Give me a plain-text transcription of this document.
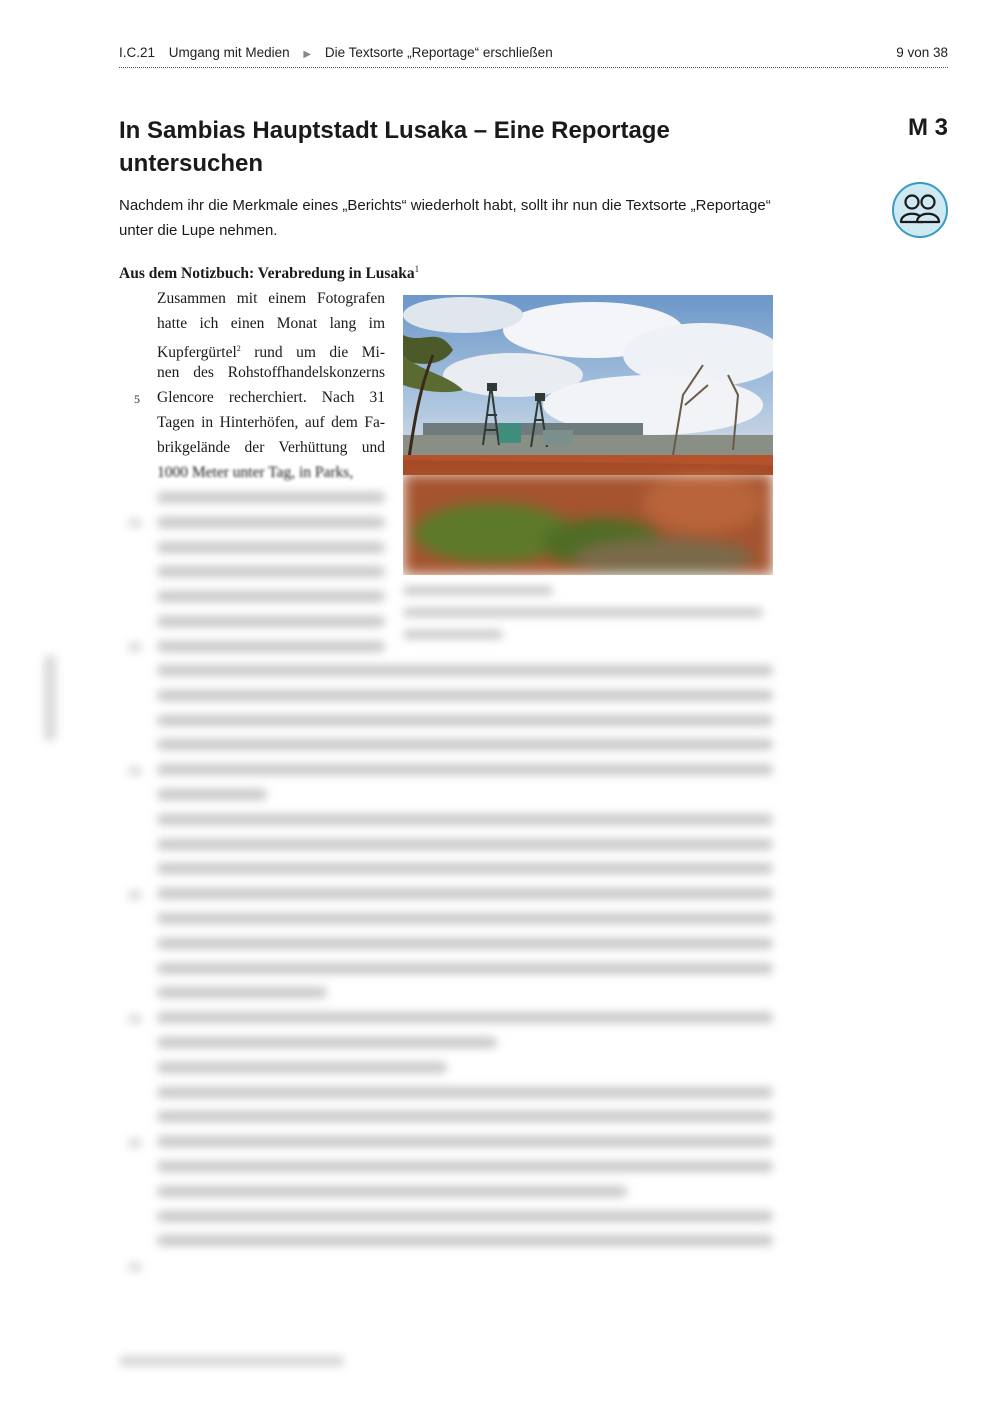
I.C.21 Umgang mit Medien ▶ Die Textsorte „Reportage“ erschließen	9 von 38
In Sambias Hauptstadt Lusaka – Eine Reportage untersuchen
M 3

Nachdem ihr die Merkmale eines „Berichts“ wiederholt habt, sollt ihr nun die Textsorte „Reportage“ unter die Lupe nehmen.

Aus dem Notizbuch: Verabredung in Lusaka$^1$
Zusammen mit einem Fotografen
hatte ich einen Monat lang im
Kupfergürtel$^2$ rund um die Mi-
nen des Rohstoffhandelskonzerns
Glencore recherchiert. Nach 31
Tagen in Hinterhöfen, auf dem Fa-
brikgelände der Verhüttung und
1000 Meter unter Tag, in Parks,
5
